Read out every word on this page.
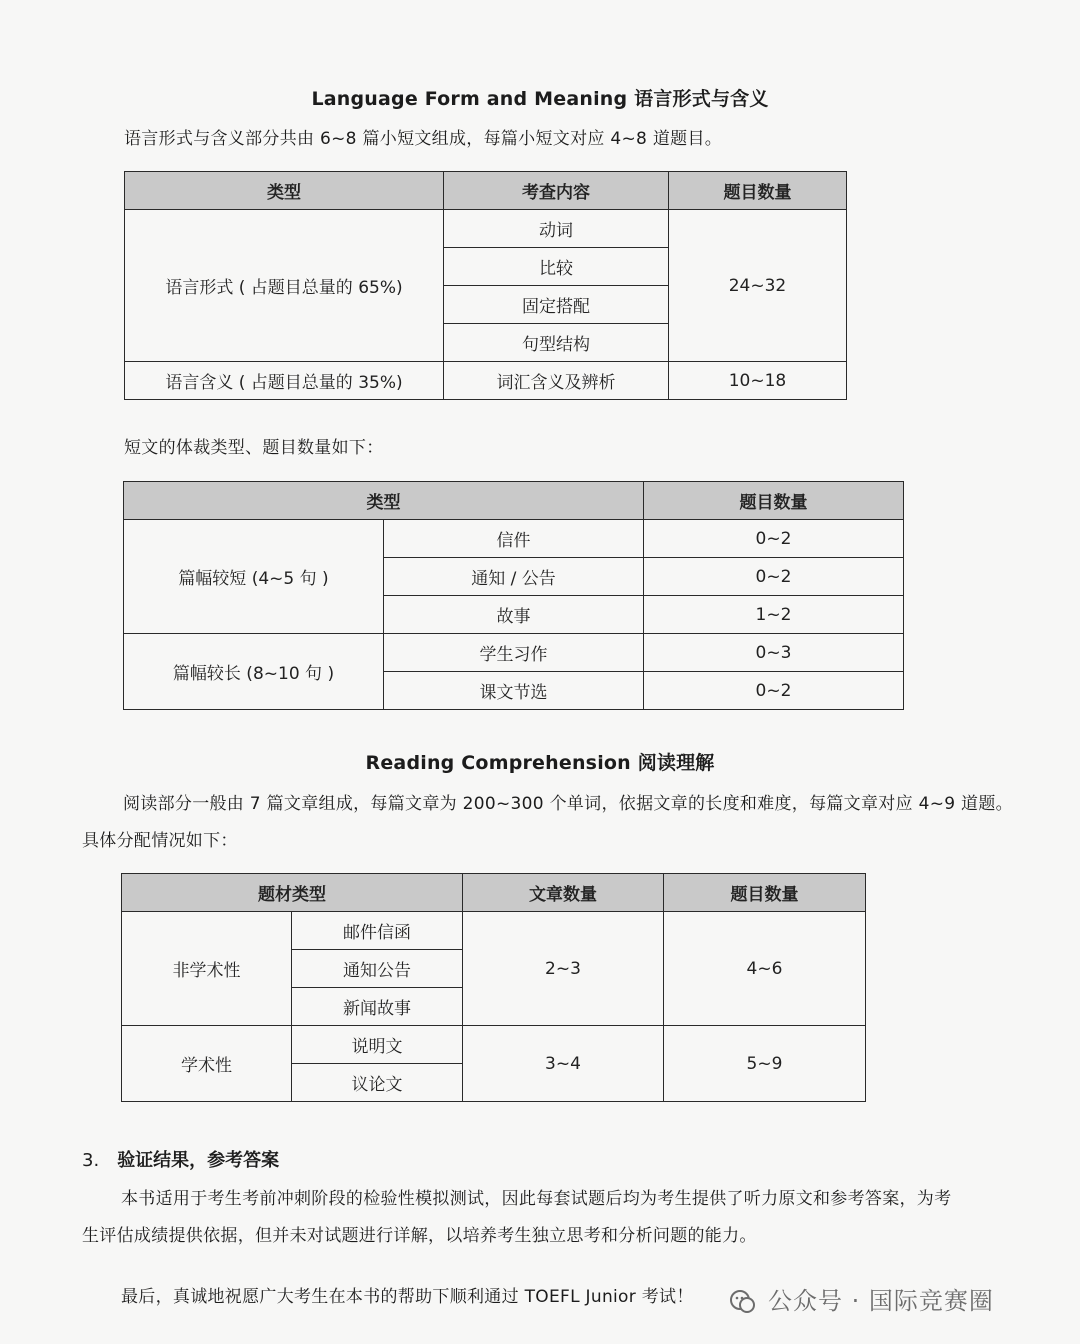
Language Form and Meaning 语言形式与含义
语言形式与含义部分共由 6~8 篇小短文组成，每篇小短文对应 4~8 道题目。
类型	考查内容	题目数量
语言形式 ( 占题目总量的 65%)	动词	24~32
	比较	
	固定搭配	
	句型结构	
语言含义 ( 占题目总量的 35%)	词汇含义及辨析	10~18
短文的体裁类型、题目数量如下：
类型		题目数量
篇幅较短 (4~5 句 )	信件	0~2
	通知 / 公告	0~2
	故事	1~2
篇幅较长 (8~10 句 )	学生习作	0~3
	课文节选	0~2
Reading Comprehension 阅读理解
阅读部分一般由 7 篇文章组成，每篇文章为 200~300 个单词，依据文章的长度和难度，每篇文章对应 4~9 道题。
具体分配情况如下：
题材类型		文章数量	题目数量
非学术性	邮件信函	2~3	4~6
	通知公告		
	新闻故事		
学术性	说明文	3~4	5~9
	议论文		
3. 验证结果，参考答案
本书适用于考生考前冲刺阶段的检验性模拟测试，因此每套试题后均为考生提供了听力原文和参考答案，为考
生评估成绩提供依据，但并未对试题进行详解，以培养考生独立思考和分析问题的能力。
最后，真诚地祝愿广大考生在本书的帮助下顺利通过 TOEFL Junior 考试！	公众号 · 国际竞赛圈
